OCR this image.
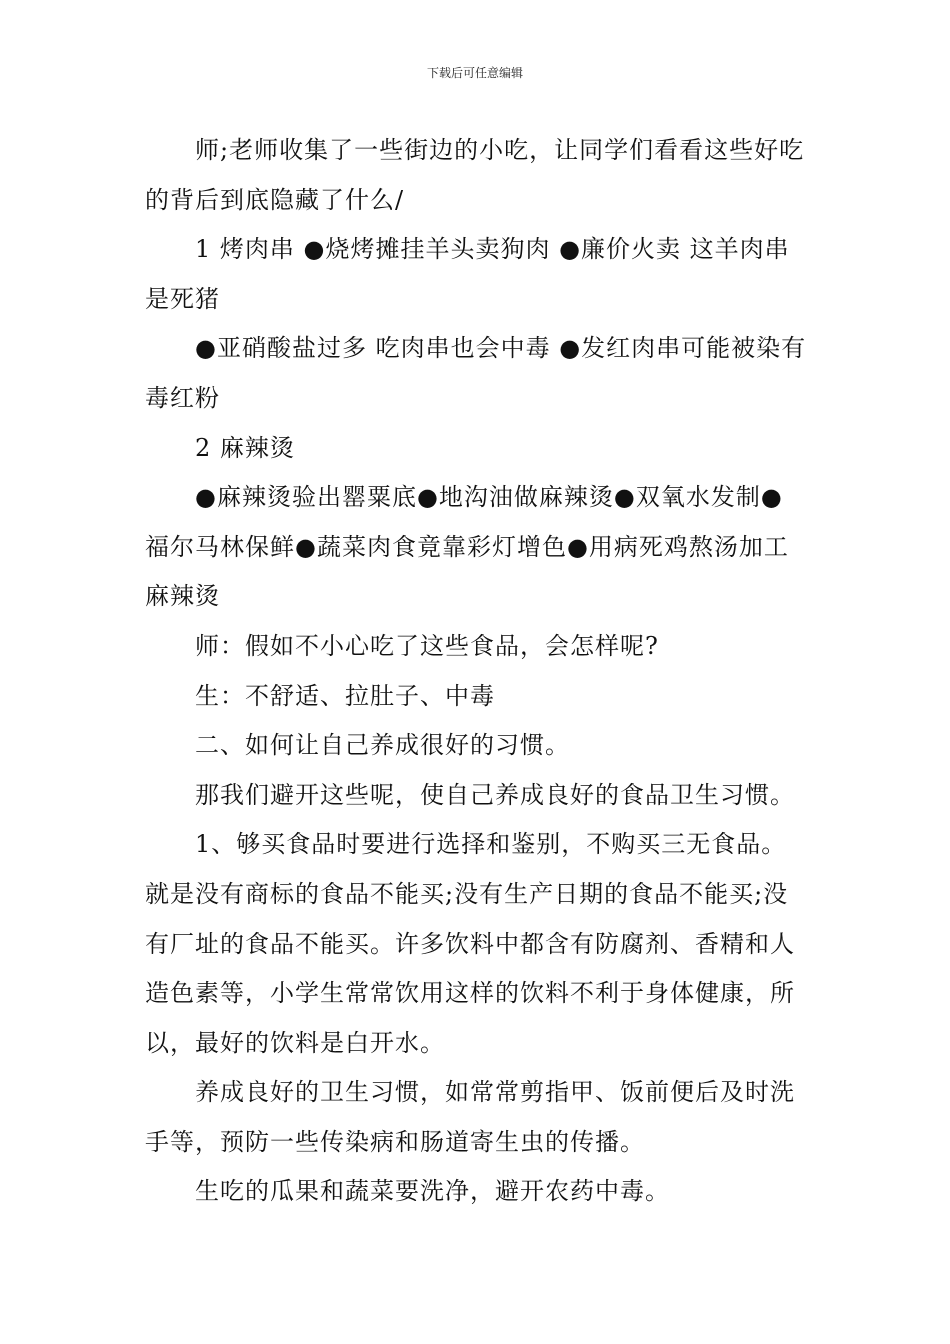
下载后可任意编辑

师;老师收集了一些街边的小吃，让同学们看看这些好吃的背后到底隐藏了什么/

1 烤肉串 ●烧烤摊挂羊头卖狗肉 ●廉价火卖 这羊肉串是死猪

●亚硝酸盐过多 吃肉串也会中毒 ●发红肉串可能被染有毒红粉

2 麻辣烫

●麻辣烫验出罂粟底●地沟油做麻辣烫●双氧水发制●福尔马林保鲜●蔬菜肉食竟靠彩灯增色●用病死鸡熬汤加工麻辣烫

师：假如不小心吃了这些食品，会怎样呢?

生：不舒适、拉肚子、中毒

二、如何让自己养成很好的习惯。

那我们避开这些呢，使自己养成良好的食品卫生习惯。

1、够买食品时要进行选择和鉴别，不购买三无食品。就是没有商标的食品不能买;没有生产日期的食品不能买;没有厂址的食品不能买。许多饮料中都含有防腐剂、香精和人造色素等，小学生常常饮用这样的饮料不利于身体健康，所以，最好的饮料是白开水。

养成良好的卫生习惯，如常常剪指甲、饭前便后及时洗手等，预防一些传染病和肠道寄生虫的传播。

生吃的瓜果和蔬菜要洗净，避开农药中毒。
